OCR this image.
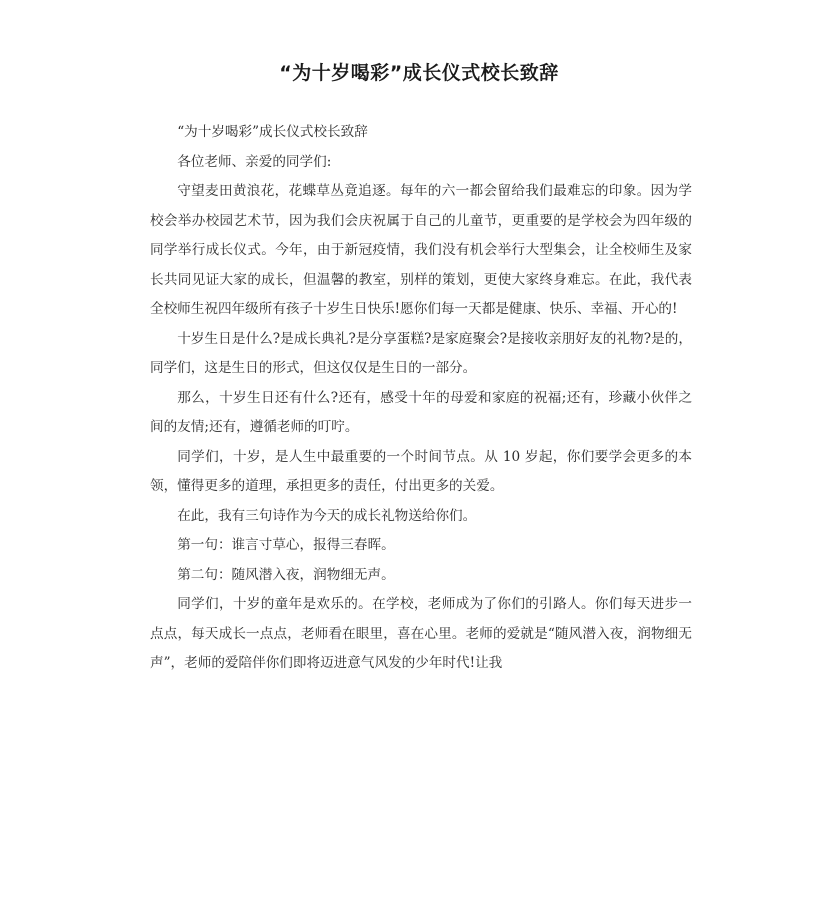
“为十岁喝彩”成长仪式校长致辞

“为十岁喝彩”成长仪式校长致辞

各位老师、亲爱的同学们:

守望麦田黄浪花，花蝶草丛竟追逐。每年的六一都会留给我们最难忘的印象。因为学校会举办校园艺术节，因为我们会庆祝属于自己的儿童节，更重要的是学校会为四年级的同学举行成长仪式。今年，由于新冠疫情，我们没有机会举行大型集会，让全校师生及家长共同见证大家的成长，但温馨的教室，别样的策划，更使大家终身难忘。在此，我代表全校师生祝四年级所有孩子十岁生日快乐!愿你们每一天都是健康、快乐、幸福、开心的!

十岁生日是什么?是成长典礼?是分享蛋糕?是家庭聚会?是接收亲朋好友的礼物?是的，同学们，这是生日的形式，但这仅仅是生日的一部分。

那么，十岁生日还有什么?还有，感受十年的母爱和家庭的祝福;还有，珍藏小伙伴之间的友情;还有，遵循老师的叮咛。

同学们，十岁，是人生中最重要的一个时间节点。从 10 岁起，你们要学会更多的本领，懂得更多的道理，承担更多的责任，付出更多的关爱。

在此，我有三句诗作为今天的成长礼物送给你们。

第一句：谁言寸草心，报得三春晖。

第二句：随风潜入夜，润物细无声。

同学们，十岁的童年是欢乐的。在学校，老师成为了你们的引路人。你们每天进步一点点，每天成长一点点，老师看在眼里，喜在心里。老师的爱就是“随风潜入夜，润物细无声”，老师的爱陪伴你们即将迈进意气风发的少年时代!让我
